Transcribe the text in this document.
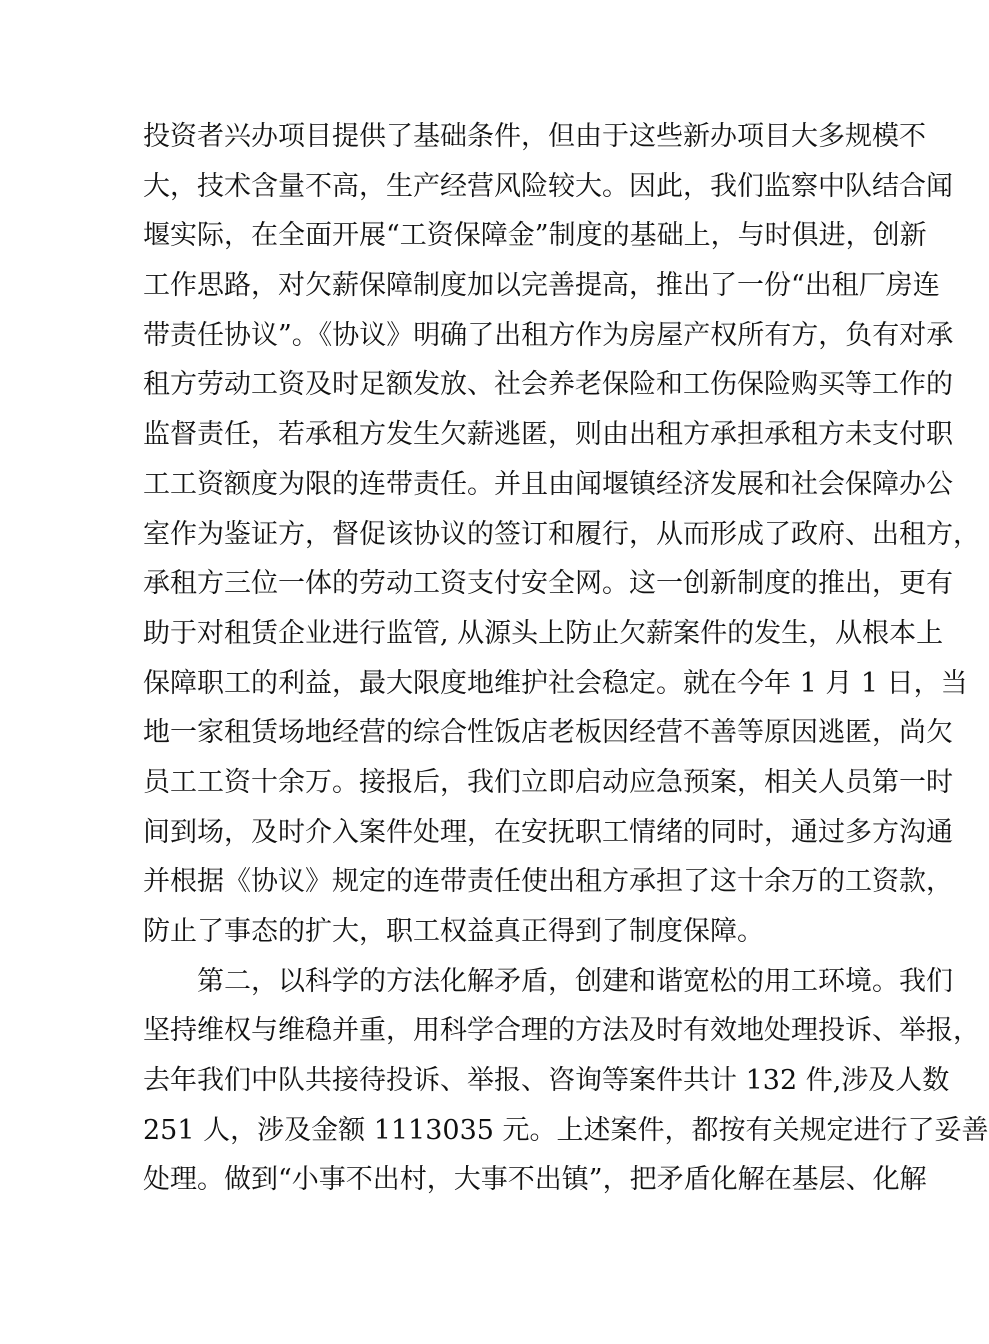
投资者兴办项目提供了基础条件，但由于这些新办项目大多规模不
大，技术含量不高，生产经营风险较大。因此，我们监察中队结合闻
堰实际，在全面开展“工资保障金”制度的基础上，与时俱进，创新
工作思路，对欠薪保障制度加以完善提高，推出了一份“出租厂房连
带责任协议”。《协议》明确了出租方作为房屋产权所有方，负有对承
租方劳动工资及时足额发放、社会养老保险和工伤保险购买等工作的
监督责任，若承租方发生欠薪逃匿，则由出租方承担承租方未支付职
工工资额度为限的连带责任。并且由闻堰镇经济发展和社会保障办公
室作为鉴证方，督促该协议的签订和履行，从而形成了政府、出租方，
承租方三位一体的劳动工资支付安全网。这一创新制度的推出，更有
助于对租赁企业进行监管, 从源头上防止欠薪案件的发生，从根本上
保障职工的利益，最大限度地维护社会稳定。就在今年 1 月 1 日，当
地一家租赁场地经营的综合性饭店老板因经营不善等原因逃匿，尚欠
员工工资十余万。接报后，我们立即启动应急预案，相关人员第一时
间到场，及时介入案件处理，在安抚职工情绪的同时，通过多方沟通
并根据《协议》规定的连带责任使出租方承担了这十余万的工资款，
防止了事态的扩大，职工权益真正得到了制度保障。
第二，以科学的方法化解矛盾，创建和谐宽松的用工环境。我们
坚持维权与维稳并重，用科学合理的方法及时有效地处理投诉、举报，
去年我们中队共接待投诉、举报、咨询等案件共计 132 件,涉及人数
251 人，涉及金额 1113035 元。上述案件，都按有关规定进行了妥善
处理。做到“小事不出村，大事不出镇”，把矛盾化解在基层、化解
